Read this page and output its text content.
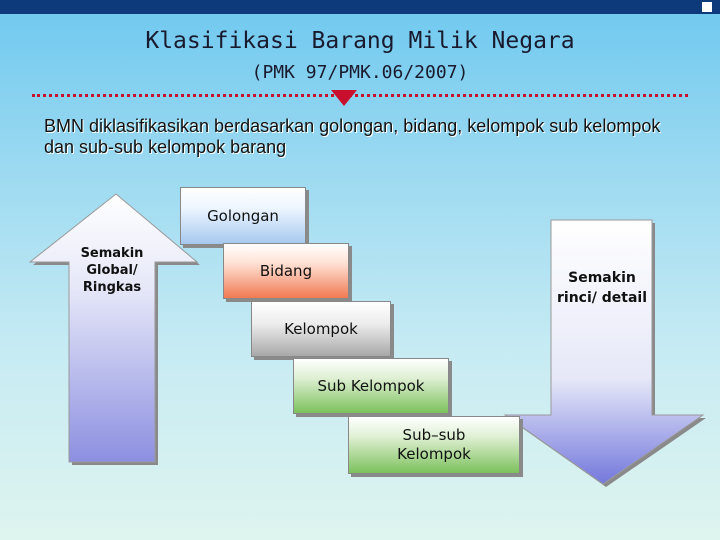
Klasifikasi Barang Milik Negara
(PMK 97/PMK.06/2007)
BMN diklasifikasikan berdasarkan golongan, bidang, kelompok sub kelompok dan sub-sub kelompok barang
Semakin Global/ Ringkas
Semakin rinci/ detail
Golongan
Bidang
Kelompok
Sub Kelompok
Sub–sub Kelompok
